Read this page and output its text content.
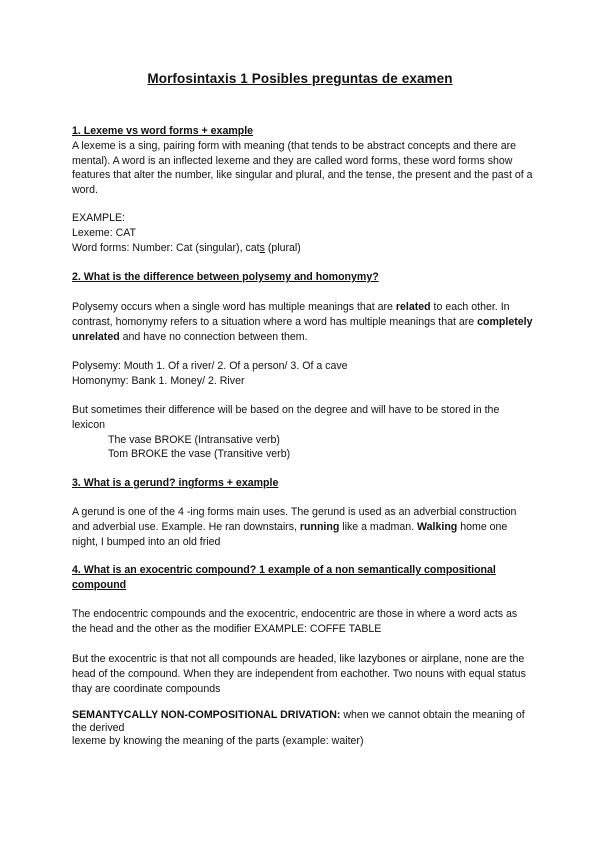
Morfosintaxis 1 Posibles preguntas de examen

1. Lexeme vs word forms + example

A lexeme is a sing, pairing form with meaning (that tends to be abstract concepts and there are mental). A word is an inflected lexeme and they are called word forms, these word forms show features that alter the number, like singular and plural, and the tense, the present and the past of a word.

EXAMPLE:

Lexeme: CAT

Word forms: Number: Cat (singular), cats (plural)

2. What is the difference between polysemy and homonymy?

Polysemy occurs when a single word has multiple meanings that are related to each other. In contrast, homonymy refers to a situation where a word has multiple meanings that are completely unrelated and have no connection between them.

Polysemy: Mouth 1. Of a river/ 2. Of a person/ 3. Of a cave

Homonymy: Bank 1. Money/ 2. River

But sometimes their difference will be based on the degree and will have to be stored in the lexicon

The vase BROKE (Intransative verb)

Tom BROKE the vase (Transitive verb)

3. What is a gerund? ingforms + example

A gerund is one of the 4 -ing forms main uses. The gerund is used as an adverbial construction and adverbial use. Example. He ran downstairs, running like a madman. Walking home one night, I bumped into an old fried

4. What is an exocentric compound? 1 example of a non semantically compositional compound

The endocentric compounds and the exocentric, endocentric are those in where a word acts as the head and the other as the modifier EXAMPLE: COFFE TABLE

But the exocentric is that not all compounds are headed, like lazybones or airplane, none are the head of the compound. When they are independent from eachother. Two nouns with equal status thay are coordinate compounds

SEMANTYCALLY NON-COMPOSITIONAL DRIVATION: when we cannot obtain the meaning of the derived

lexeme by knowing the meaning of the parts (example: waiter)
